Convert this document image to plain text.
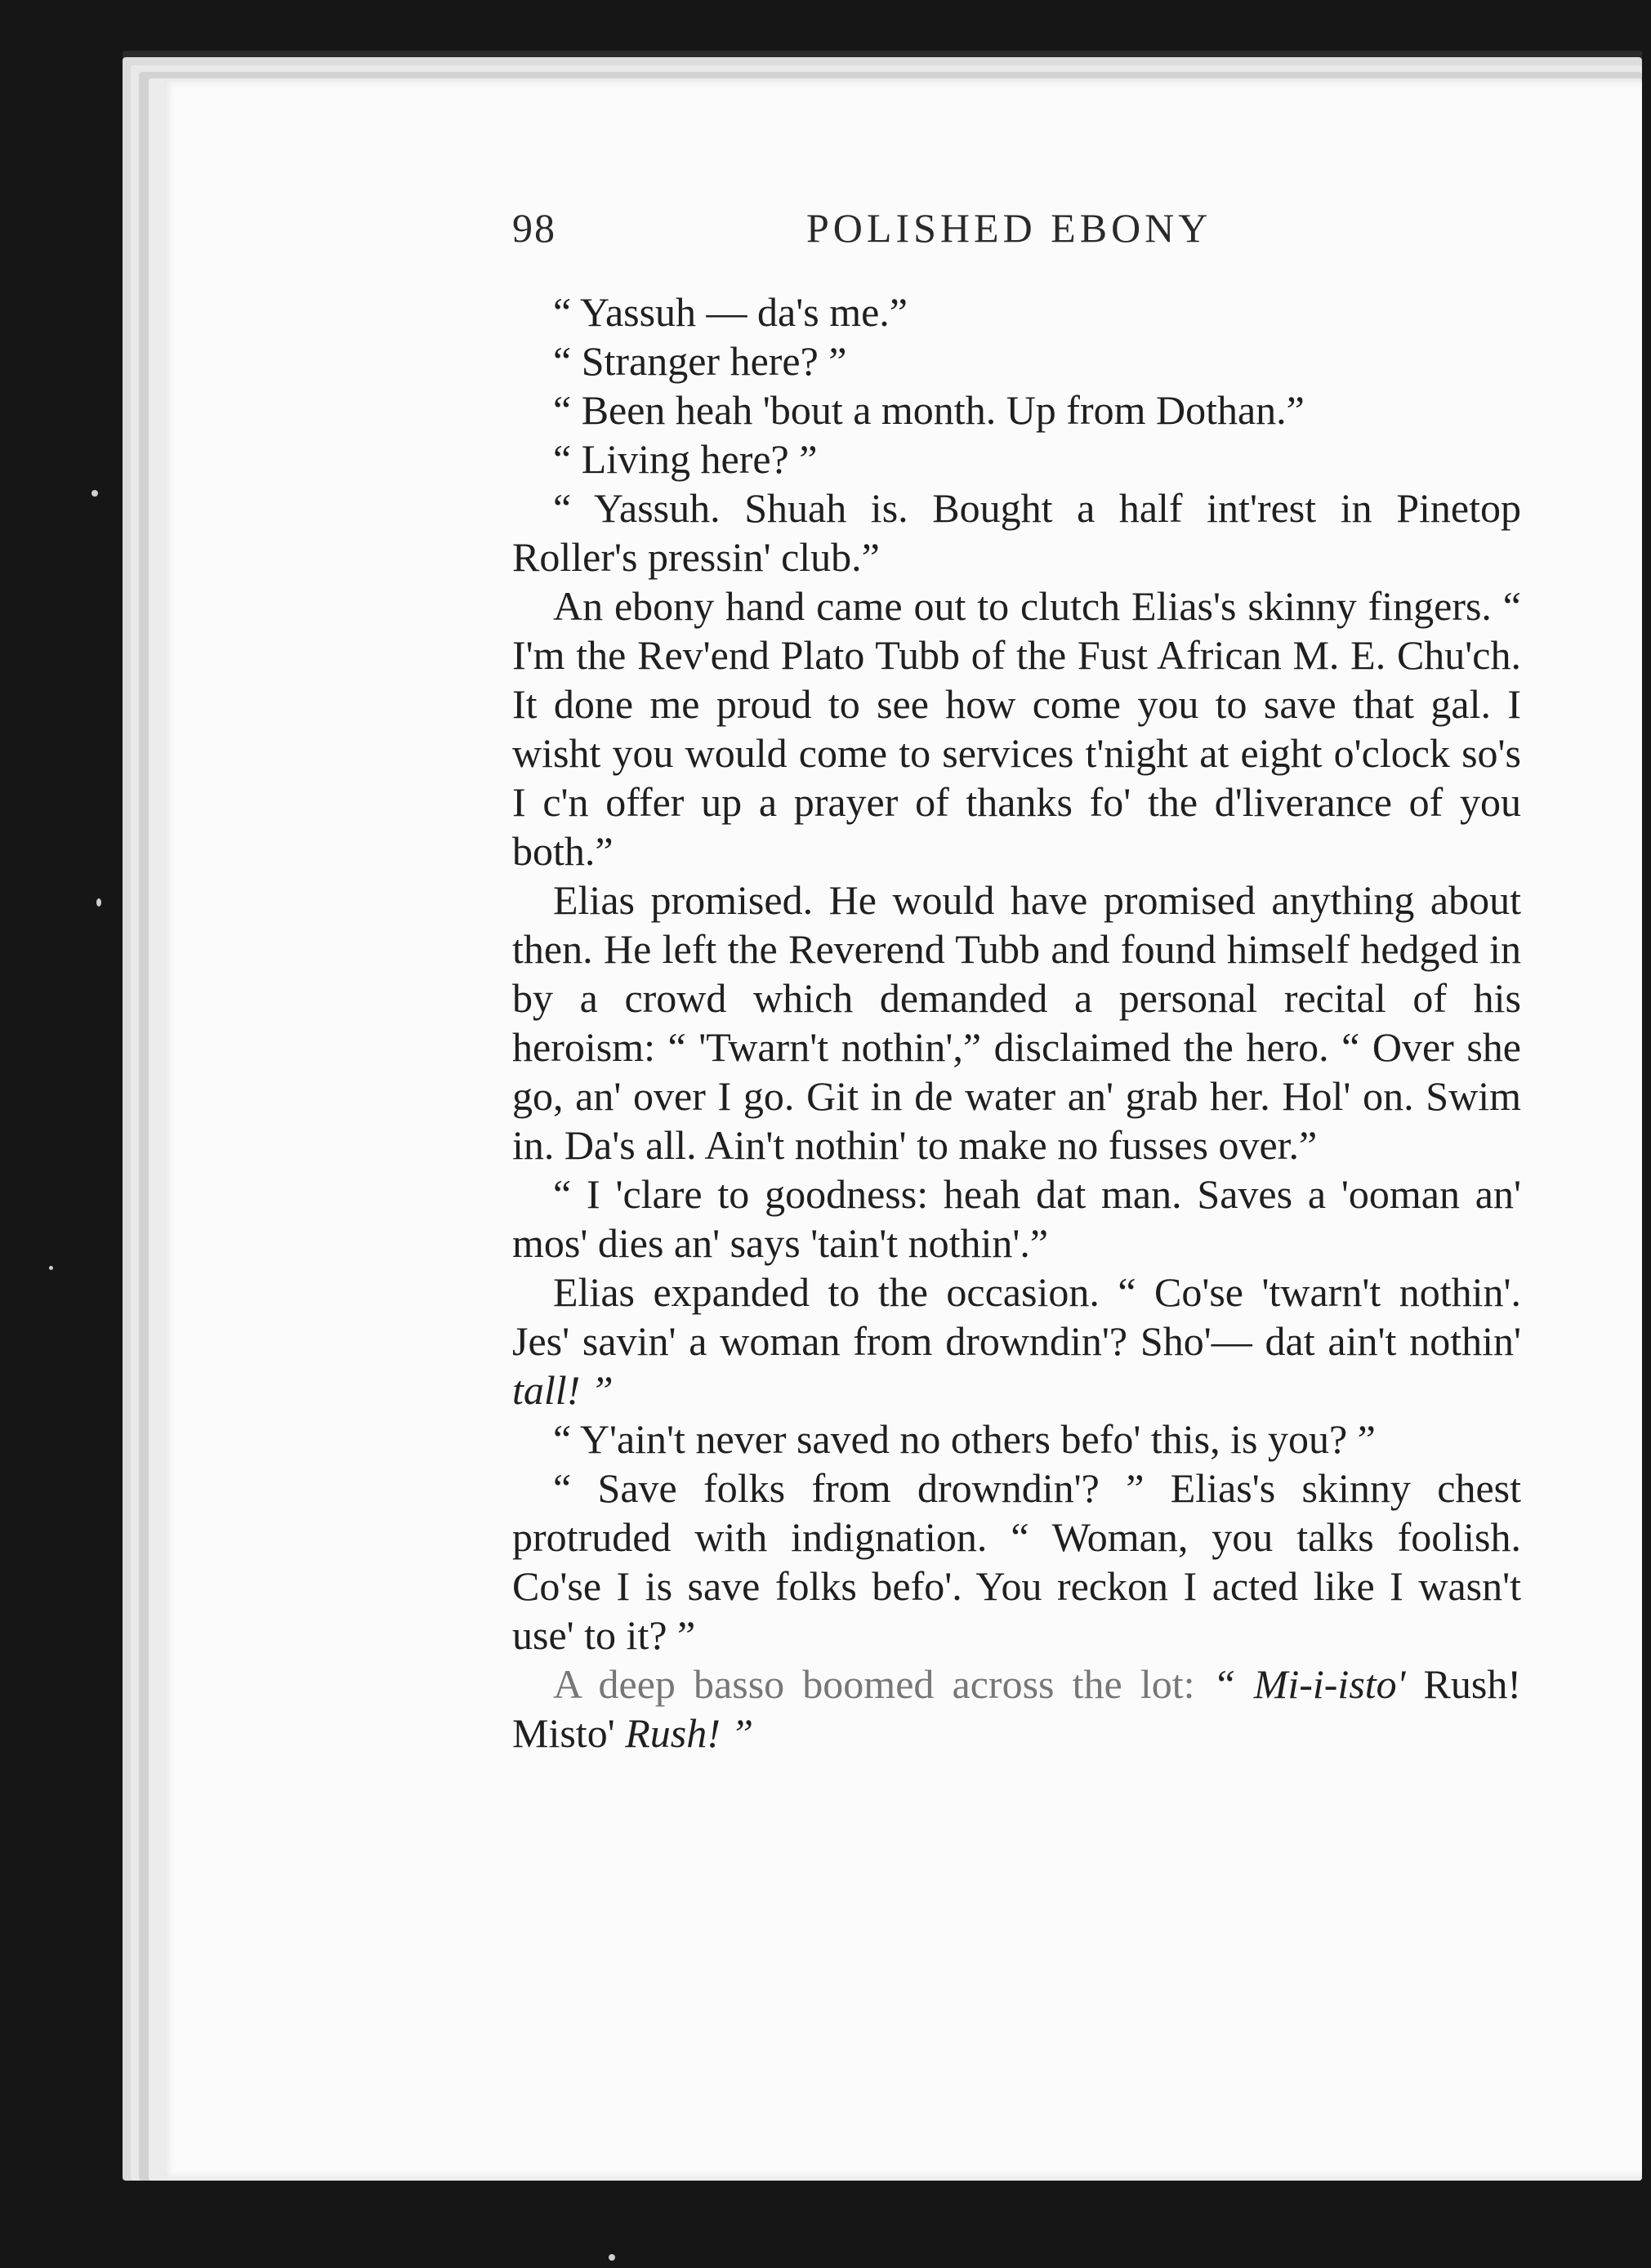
98	POLISHED EBONY

“ Yassuh — da's me.”

“ Stranger here? ”

“ Been heah 'bout a month. Up from Dothan.”

“ Living here? ”

“ Yassuh. Shuah is. Bought a half int'rest in Pinetop Roller's pressin' club.”

An ebony hand came out to clutch Elias's skinny fingers. “ I'm the Rev'end Plato Tubb of the Fust African M. E. Chu'ch. It done me proud to see how come you to save that gal. I wisht you would come to services t'night at eight o'clock so's I c'n offer up a prayer of thanks fo' the d'liverance of you both.”

Elias promised. He would have promised anything about then. He left the Reverend Tubb and found himself hedged in by a crowd which demanded a personal recital of his heroism: “ 'Twarn't nothin',” disclaimed the hero. “ Over she go, an' over I go. Git in de water an' grab her. Hol' on. Swim in. Da's all. Ain't nothin' to make no fusses over.”

“ I 'clare to goodness: heah dat man. Saves a 'ooman an' mos' dies an' says 'tain't nothin'.”

Elias expanded to the occasion. “ Co'se 'twarn't nothin'. Jes' savin' a woman from drowndin'? Sho'— dat ain't nothin' tall! ”

“ Y'ain't never saved no others befo' this, is you? ”

“ Save folks from drowndin'? ” Elias's skinny chest protruded with indignation. “ Woman, you talks foolish. Co'se I is save folks befo'. You reckon I acted like I wasn't use' to it? ”

A deep basso boomed across the lot: “ Mi-i-isto' Rush! Misto' Rush! ”
